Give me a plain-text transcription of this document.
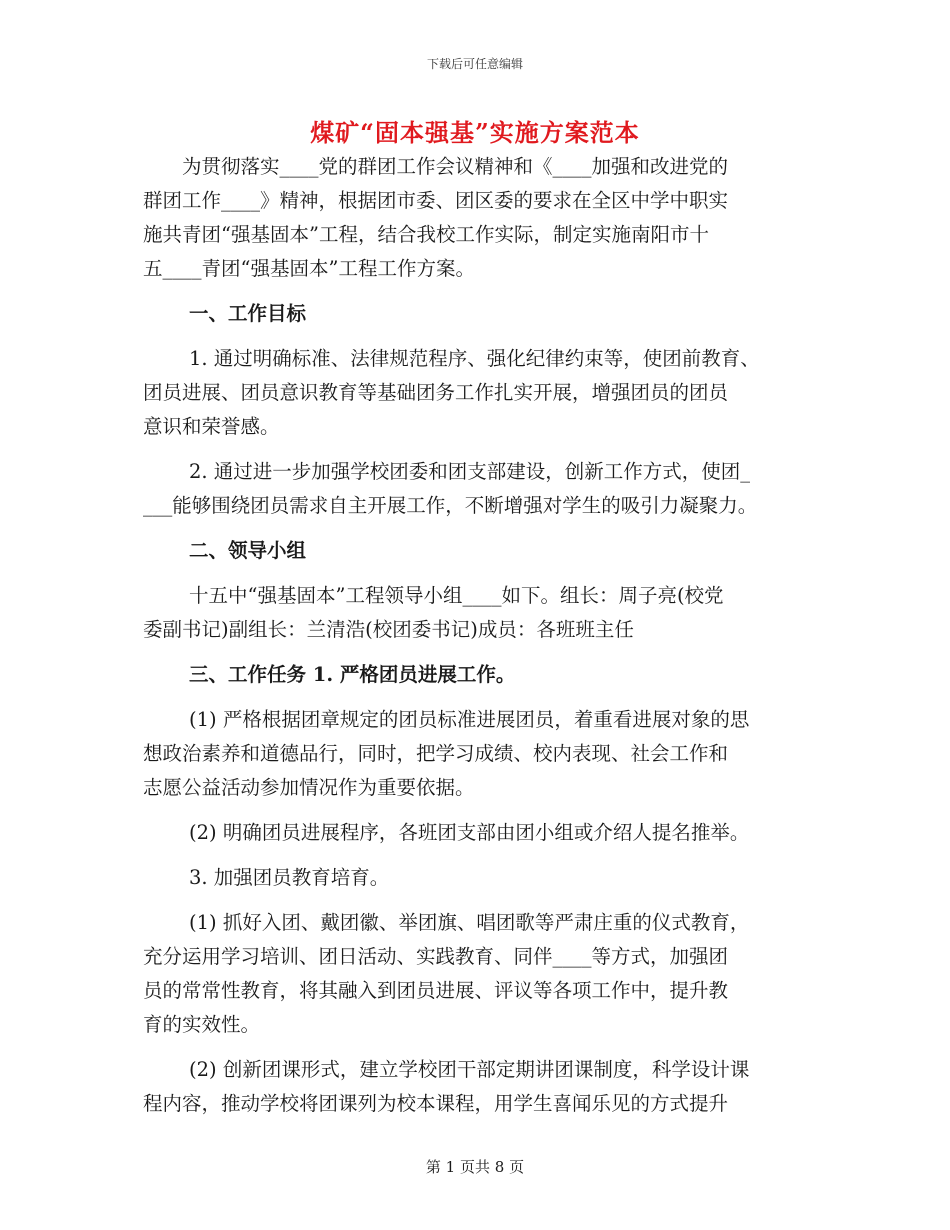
下载后可任意编辑
煤矿“固本强基”实施方案范本
为贯彻落实____党的群团工作会议精神和《____加强和改进党的
群团工作____》精神，根据团市委、团区委的要求在全区中学中职实
施共青团“强基固本”工程，结合我校工作实际，制定实施南阳市十
五____青团“强基固本”工程工作方案。
一、工作目标
1. 通过明确标准、法律规范程序、强化纪律约束等，使团前教育、
团员进展、团员意识教育等基础团务工作扎实开展，增强团员的团员
意识和荣誉感。
2. 通过进一步加强学校团委和团支部建设，创新工作方式，使团_
___能够围绕团员需求自主开展工作，不断增强对学生的吸引力凝聚力。
二、领导小组
十五中“强基固本”工程领导小组____如下。组长：周子亮(校党
委副书记)副组长：兰清浩(校团委书记)成员：各班班主任
三、工作任务 1. 严格团员进展工作。
(1) 严格根据团章规定的团员标准进展团员，着重看进展对象的思
想政治素养和道德品行，同时，把学习成绩、校内表现、社会工作和
志愿公益活动参加情况作为重要依据。
(2) 明确团员进展程序，各班团支部由团小组或介绍人提名推举。
3. 加强团员教育培育。
(1) 抓好入团、戴团徽、举团旗、唱团歌等严肃庄重的仪式教育，
充分运用学习培训、团日活动、实践教育、同伴____等方式，加强团
员的常常性教育，将其融入到团员进展、评议等各项工作中，提升教
育的实效性。
(2) 创新团课形式，建立学校团干部定期讲团课制度，科学设计课
程内容，推动学校将团课列为校本课程，用学生喜闻乐见的方式提升
第 1 页共 8 页
